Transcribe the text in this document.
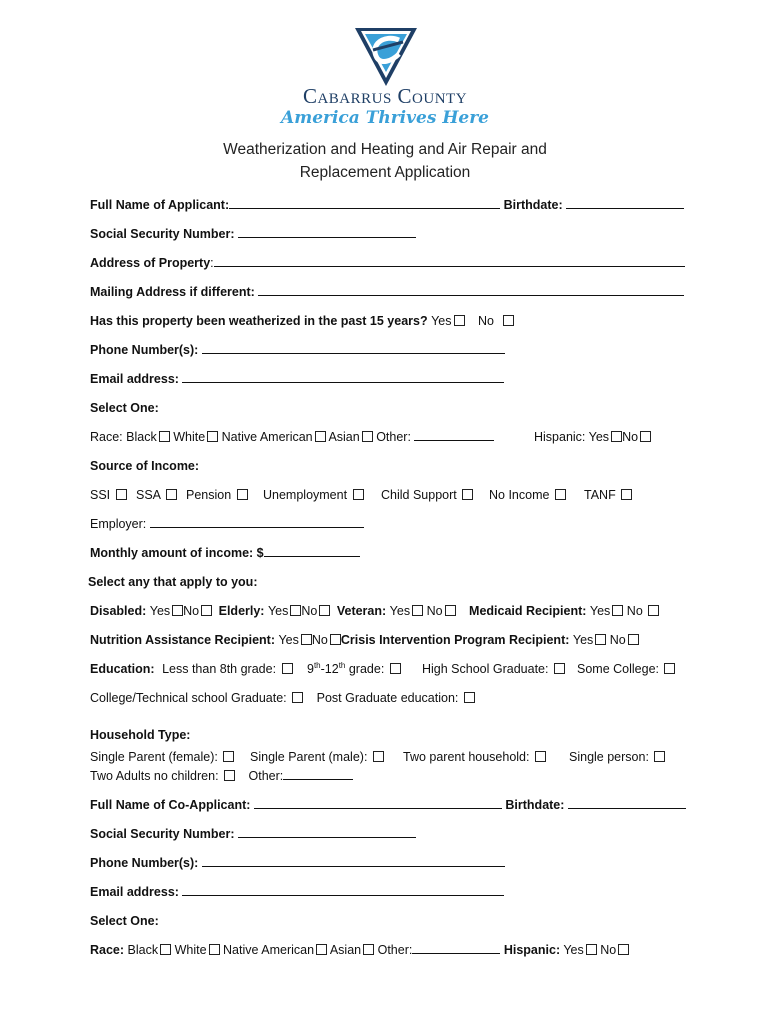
Cabarrus County
America Thrives Here
Weatherization and Heating and Air Repair and
Replacement Application
Full Name of Applicant:	Birthdate:
Social Security Number:
Address of Property:
Mailing Address if different:
Has this property been weatherized in the past 15 years? Yes No
Phone Number(s):
Email address:
Select One:
Race: Black White Native American Asian Other:	Hispanic: Yes No
Source of Income:
SSI	SSA	Pension	Unemployment	Child Support	No Income	TANF
Employer:
Monthly amount of income: $
Select any that apply to you:
Disabled: Yes No Elderly: Yes No Veteran: Yes No Medicaid Recipient: Yes No
Nutrition Assistance Recipient: Yes No Crisis Intervention Program Recipient: Yes No
Education: Less than 8th grade: 9th-12th grade:	High School Graduate:	Some College:
College/Technical school Graduate: Post Graduate education:
Household Type:
Single Parent (female):	Single Parent (male):	Two parent household:	Single person:
Two Adults no children: Other:
Full Name of Co-Applicant:	Birthdate:
Social Security Number:
Phone Number(s):
Email address:
Select One:
Race: Black White Native American Asian Other:	Hispanic: Yes No
